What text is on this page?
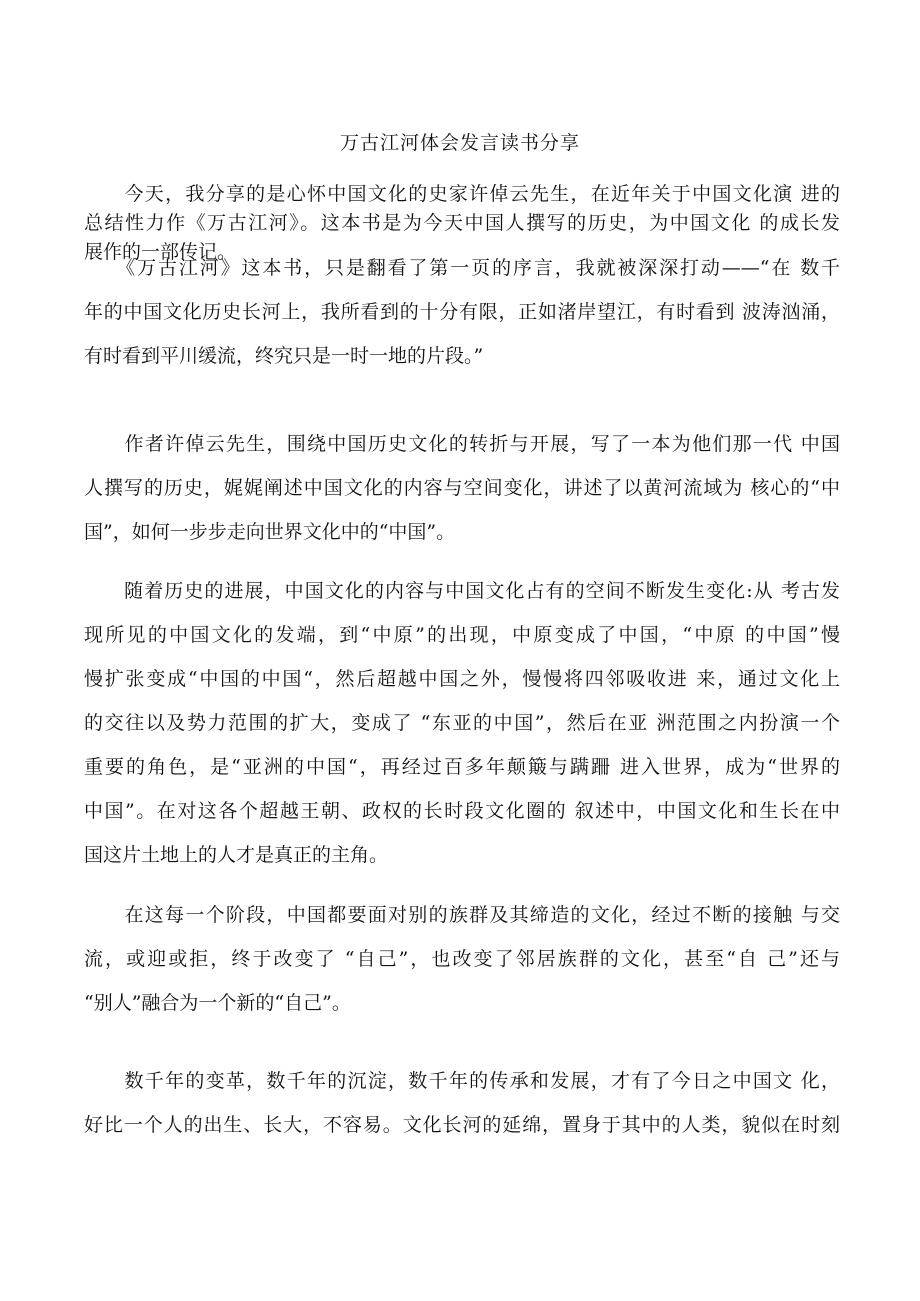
万古江河体会发言读书分享

　　今天，我分享的是心怀中国文化的史家许倬云先生，在近年关于中国文化演 进的
总结性力作《万古江河》。这本书是为今天中国人撰写的历史，为中国文化 的成长发
展作的一部传记。

　　《万古江河》这本书，只是翻看了第一页的序言，我就被深深打动——“在 数千
年的中国文化历史长河上，我所看到的十分有限，正如渚岸望江，有时看到 波涛汹涌，
有时看到平川缓流，终究只是一时一地的片段。”

　　作者许倬云先生，围绕中国历史文化的转折与开展，写了一本为他们那一代 中国
人撰写的历史，娓娓阐述中国文化的内容与空间变化，讲述了以黄河流域为 核心的“中
国”，如何一步步走向世界文化中的“中国”。

　　随着历史的进展，中国文化的内容与中国文化占有的空间不断发生变化:从 考古发
现所见的中国文化的发端，到“中原”的出现，中原变成了中国，“中原 的中国”慢
慢扩张变成“中国的中国“，然后超越中国之外，慢慢将四邻吸收进 来，通过文化上
的交往以及势力范围的扩大，变成了 “东亚的中国”，然后在亚 洲范围之内扮演一个
重要的角色，是“亚洲的中国“，再经过百多年颠簸与蹒跚 进入世界，成为“世界的
中国”。在对这各个超越王朝、政权的长时段文化圈的 叙述中，中国文化和生长在中
国这片土地上的人才是真正的主角。

　　在这每一个阶段，中国都要面对别的族群及其缔造的文化，经过不断的接触 与交
流，或迎或拒，终于改变了 “自己”，也改变了邻居族群的文化，甚至“自 己”还与
“别人”融合为一个新的“自己”。

　　数千年的变革，数千年的沉淀，数千年的传承和发展，才有了今日之中国文 化，
好比一个人的出生、长大，不容易。文化长河的延绵，置身于其中的人类，貌似在时刻
